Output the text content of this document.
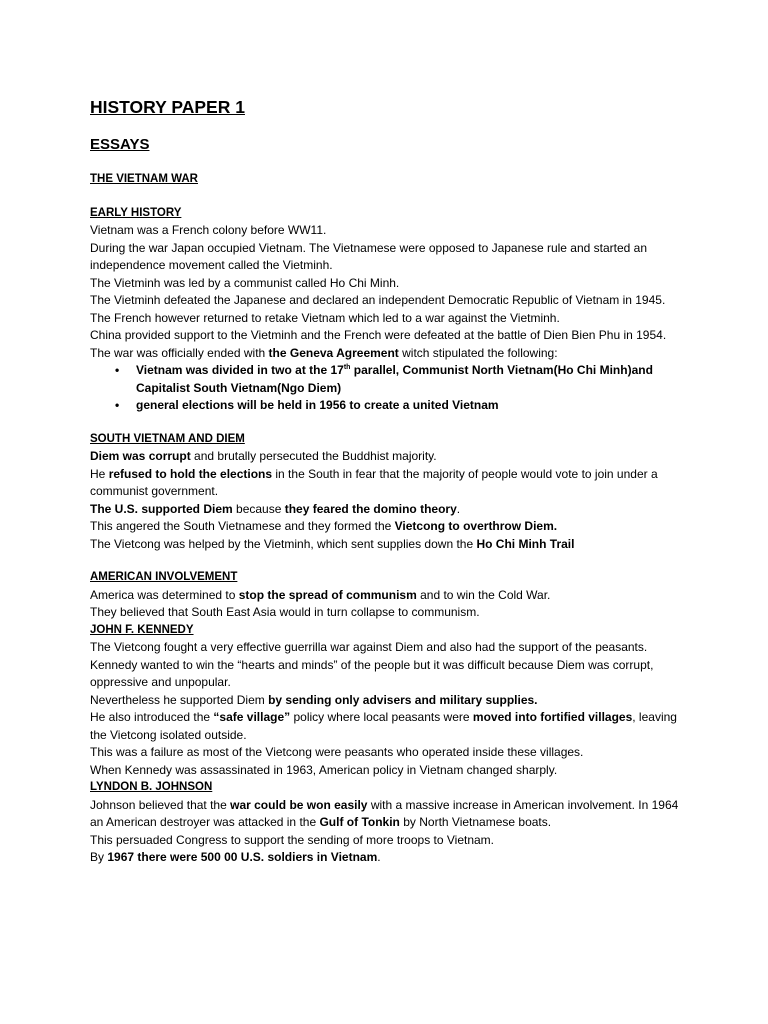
HISTORY PAPER 1
ESSAYS
THE VIETNAM WAR
EARLY HISTORY

Vietnam was a French colony before WW11.

During the war Japan occupied Vietnam. The Vietnamese were opposed to Japanese rule and started an independence movement called the Vietminh.

The Vietminh was led by a communist called Ho Chi Minh.

The Vietminh defeated the Japanese and declared an independent Democratic Republic of Vietnam in 1945.

The French however returned to retake Vietnam which led to a war against the Vietminh.

China provided support to the Vietminh and the French were defeated at the battle of Dien Bien Phu in 1954.

The war was officially ended with the Geneva Agreement witch stipulated the following:

• Vietnam was divided in two at the 17th parallel, Communist North Vietnam(Ho Chi Minh)and Capitalist South Vietnam(Ngo Diem)
• general elections will be held in 1956 to create a united Vietnam
SOUTH VIETNAM AND DIEM

Diem was corrupt and brutally persecuted the Buddhist majority.

He refused to hold the elections in the South in fear that the majority of people would vote to join under a communist government.

The U.S. supported Diem because they feared the domino theory.

This angered the South Vietnamese and they formed the Vietcong to overthrow Diem.

The Vietcong was helped by the Vietminh, which sent supplies down the Ho Chi Minh Trail

AMERICAN INVOLVEMENT

America was determined to stop the spread of communism and to win the Cold War.

They believed that South East Asia would in turn collapse to communism.

JOHN F. KENNEDY

The Vietcong fought a very effective guerrilla war against Diem and also had the support of the peasants.

Kennedy wanted to win the “hearts and minds” of the people but it was difficult because Diem was corrupt, oppressive and unpopular.

Nevertheless he supported Diem by sending only advisers and military supplies.

He also introduced the “safe village” policy where local peasants were moved into fortified villages, leaving the Vietcong isolated outside.

This was a failure as most of the Vietcong were peasants who operated inside these villages.

When Kennedy was assassinated in 1963, American policy in Vietnam changed sharply.

LYNDON B. JOHNSON

Johnson believed that the war could be won easily with a massive increase in American involvement. In 1964 an American destroyer was attacked in the Gulf of Tonkin by North Vietnamese boats.

This persuaded Congress to support the sending of more troops to Vietnam.

By 1967 there were 500 00 U.S. soldiers in Vietnam.
